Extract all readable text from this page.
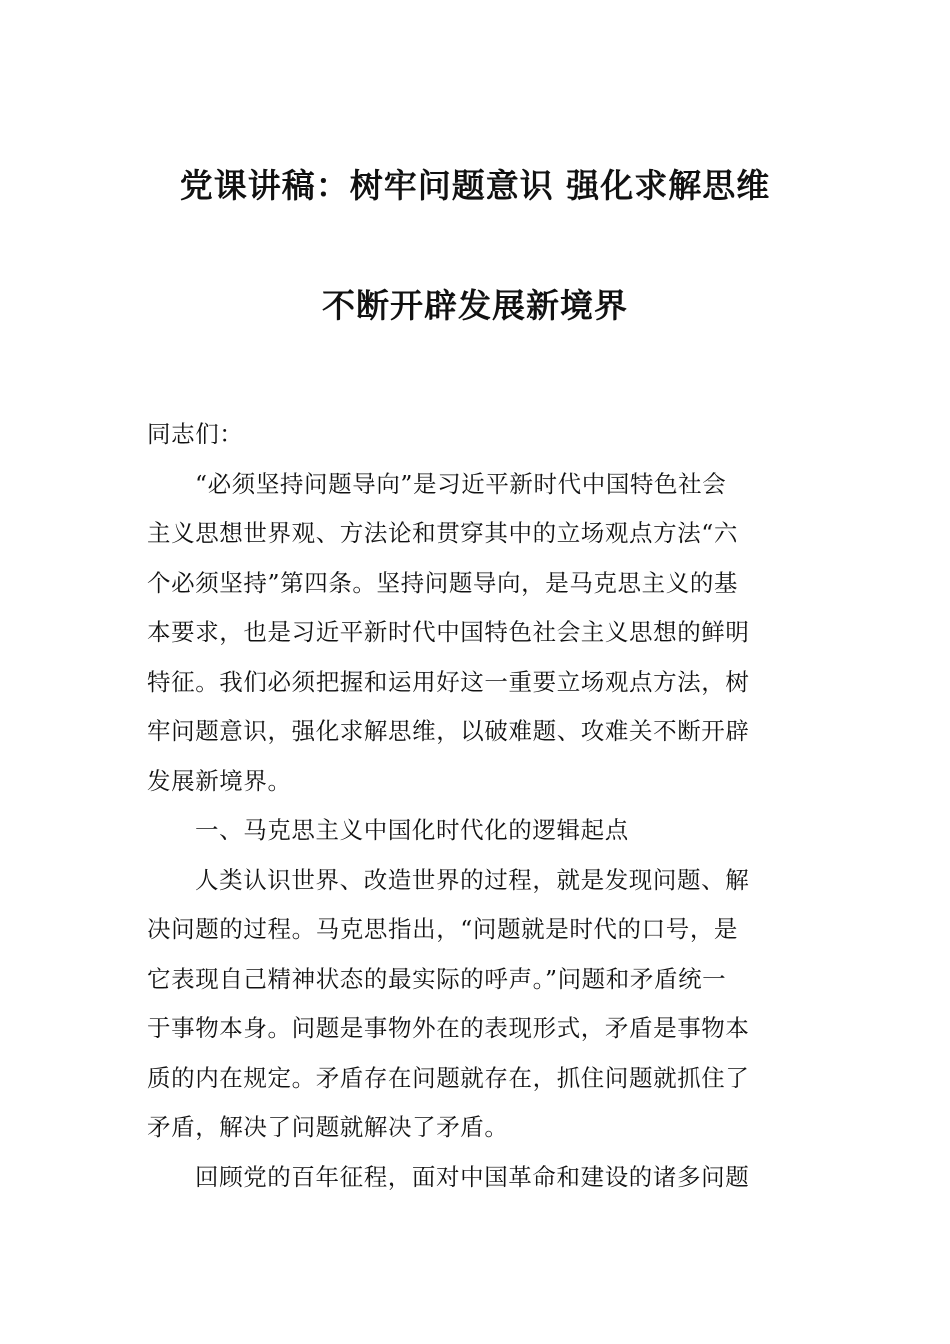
党课讲稿：树牢问题意识 强化求解思维
不断开辟发展新境界

同志们：

“必须坚持问题导向”是习近平新时代中国特色社会
主义思想世界观、方法论和贯穿其中的立场观点方法“六
个必须坚持”第四条。坚持问题导向，是马克思主义的基
本要求，也是习近平新时代中国特色社会主义思想的鲜明
特征。我们必须把握和运用好这一重要立场观点方法，树
牢问题意识，强化求解思维，以破难题、攻难关不断开辟
发展新境界。

一、马克思主义中国化时代化的逻辑起点

人类认识世界、改造世界的过程，就是发现问题、解
决问题的过程。马克思指出，“问题就是时代的口号，是
它表现自己精神状态的最实际的呼声。”问题和矛盾统一
于事物本身。问题是事物外在的表现形式，矛盾是事物本
质的内在规定。矛盾存在问题就存在，抓住问题就抓住了
矛盾，解决了问题就解决了矛盾。

回顾党的百年征程，面对中国革命和建设的诸多问题
